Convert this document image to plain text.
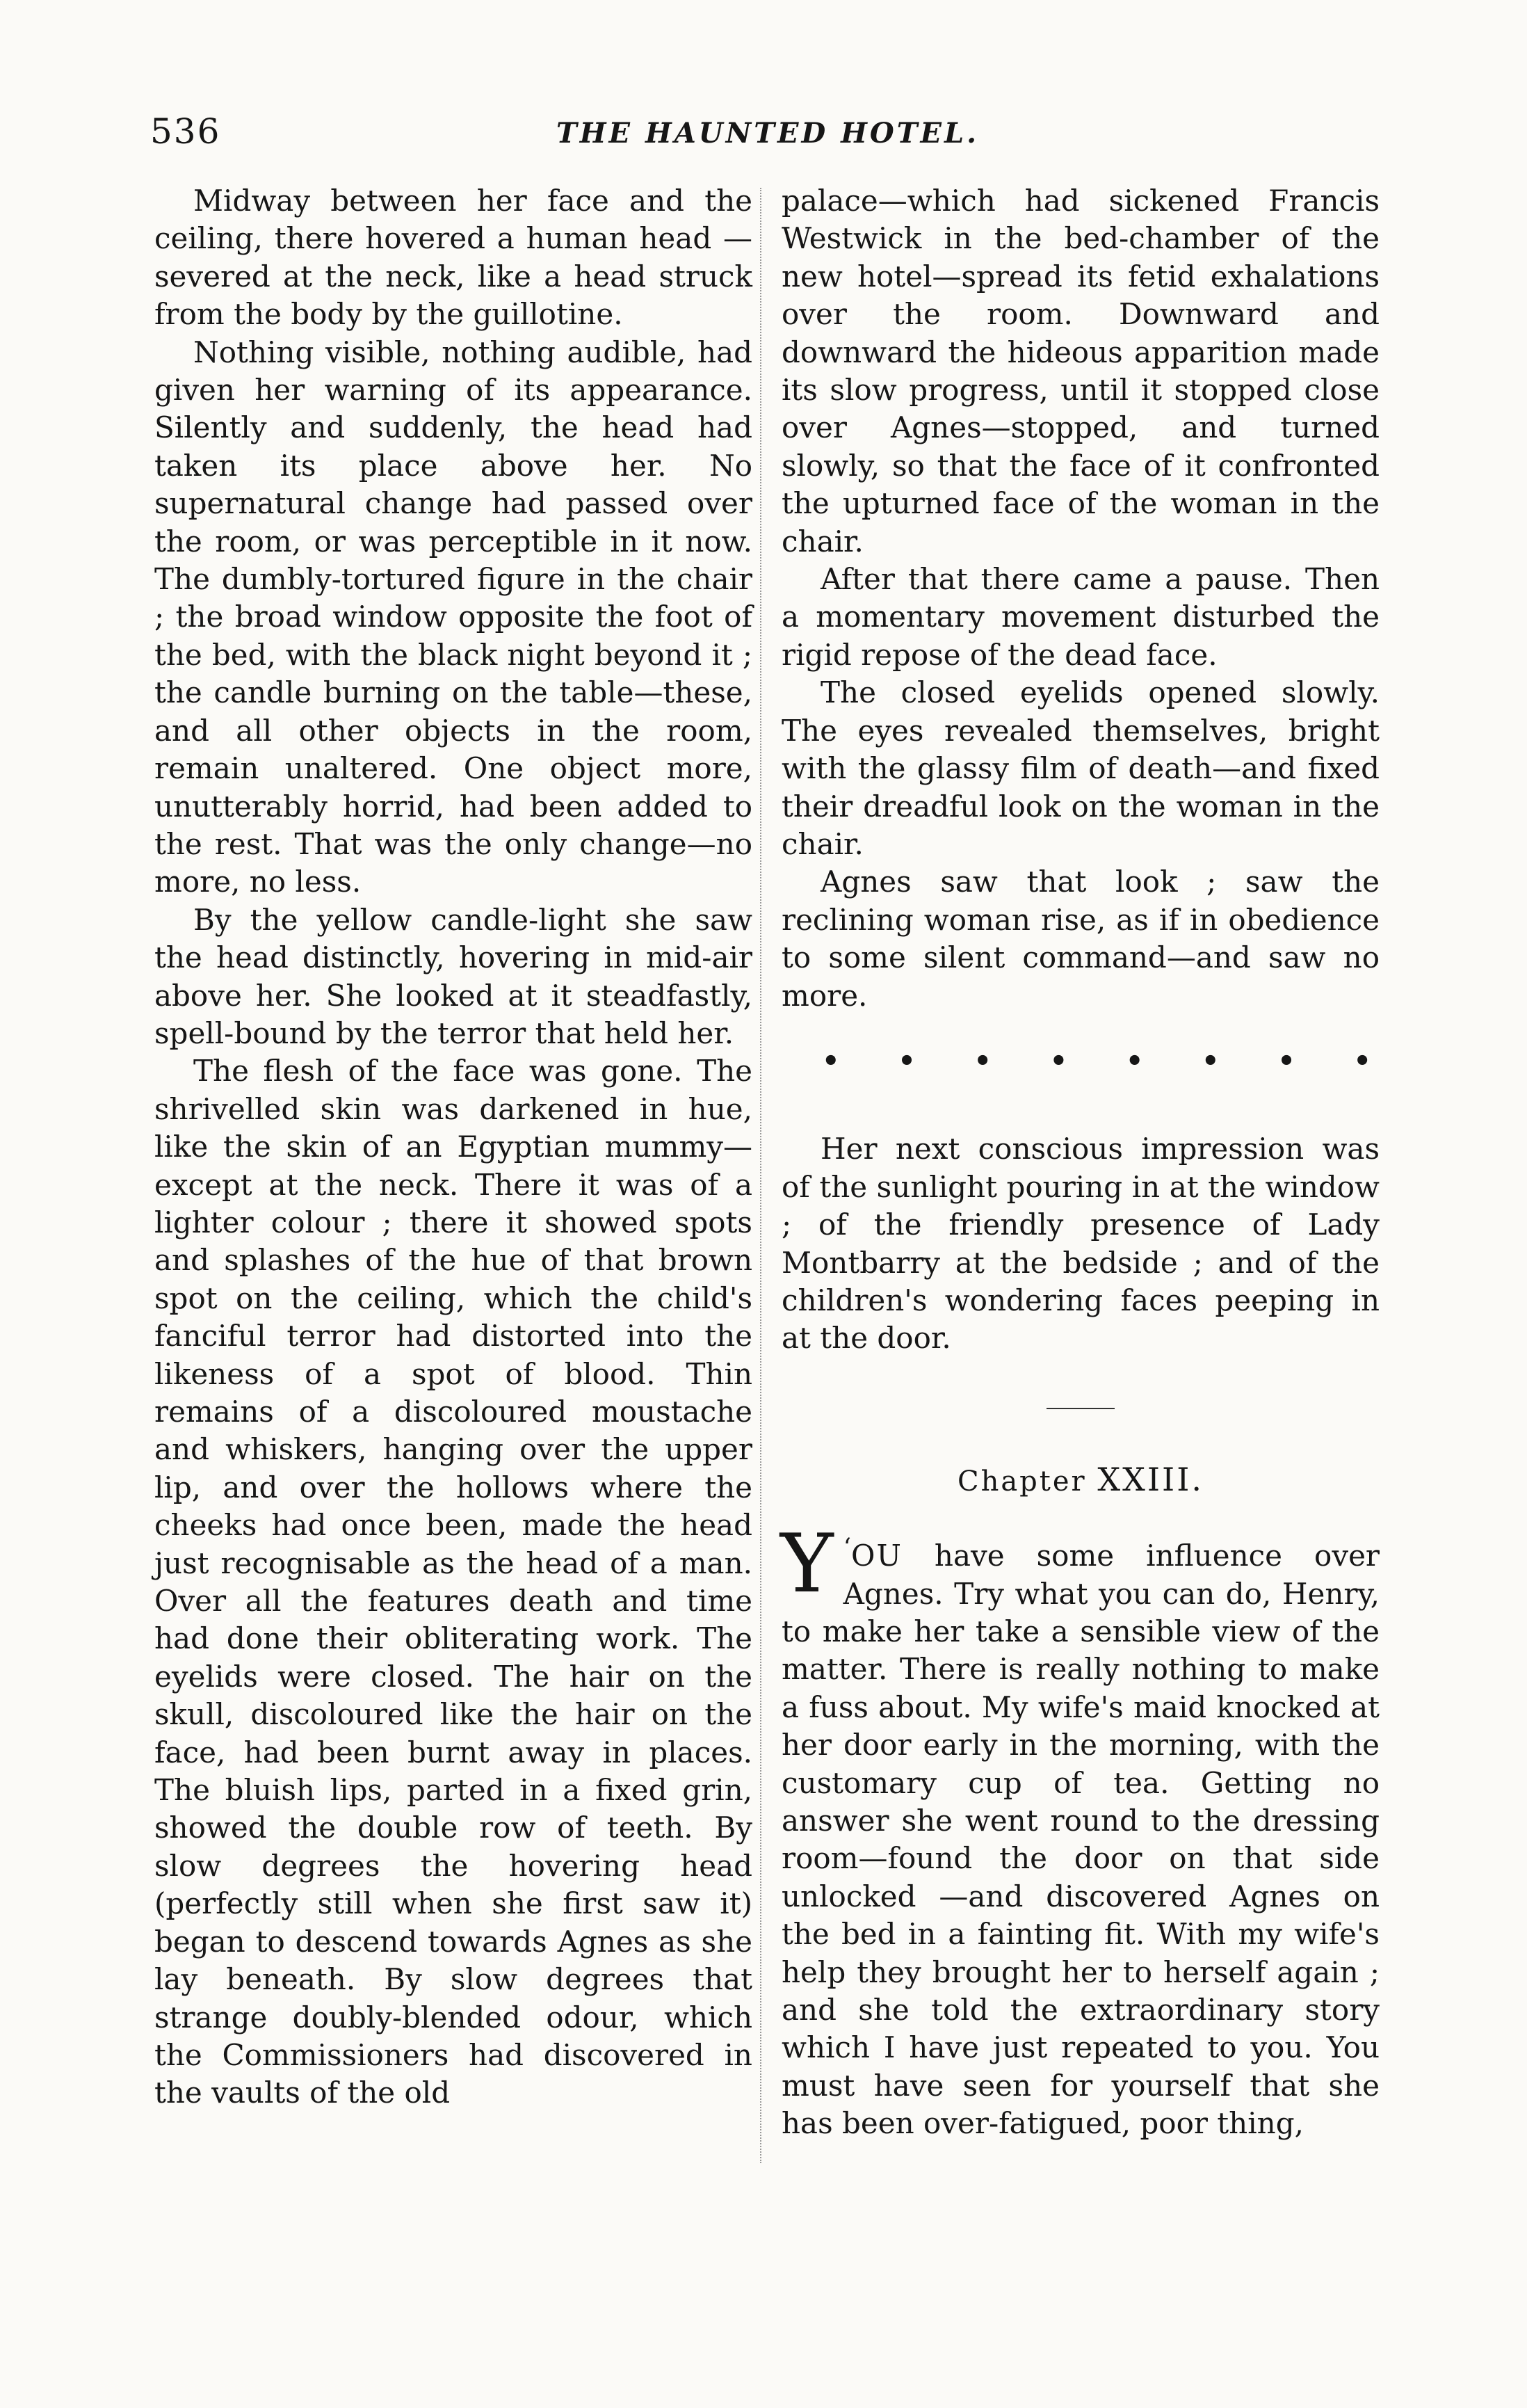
536	THE HAUNTED HOTEL.

Midway between her face and the ceiling, there hovered a human head —severed at the neck, like a head struck from the body by the guillotine.

Nothing visible, nothing audible, had given her warning of its appearance. Silently and suddenly, the head had taken its place above her. No supernatural change had passed over the room, or was perceptible in it now. The dumbly-tortured figure in the chair ; the broad window opposite the foot of the bed, with the black night beyond it ; the candle burning on the table—these, and all other objects in the room, remain unaltered. One object more, unutterably horrid, had been added to the rest. That was the only change—no more, no less.

By the yellow candle-light she saw the head distinctly, hovering in mid-air above her. She looked at it steadfastly, spell-bound by the terror that held her.

The flesh of the face was gone. The shrivelled skin was darkened in hue, like the skin of an Egyptian mummy—except at the neck. There it was of a lighter colour ; there it showed spots and splashes of the hue of that brown spot on the ceiling, which the child's fanciful terror had distorted into the likeness of a spot of blood. Thin remains of a discoloured moustache and whiskers, hanging over the upper lip, and over the hollows where the cheeks had once been, made the head just recognisable as the head of a man. Over all the features death and time had done their obliterating work. The eyelids were closed. The hair on the skull, discoloured like the hair on the face, had been burnt away in places. The bluish lips, parted in a fixed grin, showed the double row of teeth. By slow degrees the hovering head (perfectly still when she first saw it) began to descend towards Agnes as she lay beneath. By slow degrees that strange doubly-blended odour, which the Commissioners had discovered in the vaults of the old

palace—which had sickened Francis Westwick in the bed-chamber of the new hotel—spread its fetid exhalations over the room. Downward and downward the hideous apparition made its slow progress, until it stopped close over Agnes—stopped, and turned slowly, so that the face of it confronted the upturned face of the woman in the chair.

After that there came a pause. Then a momentary movement disturbed the rigid repose of the dead face.

The closed eyelids opened slowly. The eyes revealed themselves, bright with the glassy film of death—and fixed their dreadful look on the woman in the chair.

Agnes saw that look ; saw the reclining woman rise, as if in obedience to some silent command—and saw no more.

• • • • • • • •

Her next conscious impression was of the sunlight pouring in at the window ; of the friendly presence of Lady Montbarry at the bedside ; and of the children's wondering faces peeping in at the door.

Chapter XXIII.

‘
Y OU have some influence over Agnes. Try what you can do, Henry, to make her take a sensible view of the matter. There is really nothing to make a fuss about. My wife's maid knocked at her door early in the morning, with the customary cup of tea. Getting no answer she went round to the dressing room—found the door on that side unlocked —and discovered Agnes on the bed in a fainting fit. With my wife's help they brought her to herself again ; and she told the extraordinary story which I have just repeated to you. You must have seen for yourself that she has been over-fatigued, poor thing,
